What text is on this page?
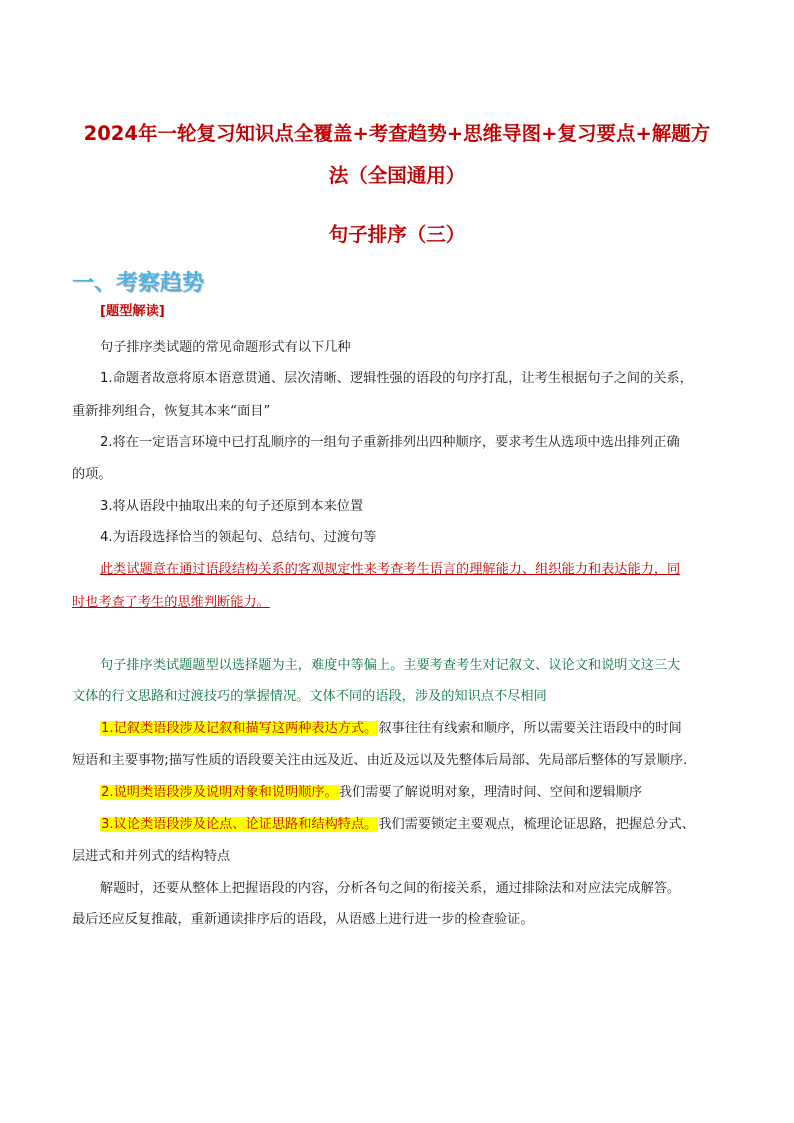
2024年一轮复习知识点全覆盖+考查趋势+思维导图+复习要点+解题方
法（全国通用）
句子排序（三）
一、考察趋势
[题型解读]
句子排序类试题的常见命题形式有以下几种
1.命题者故意将原本语意贯通、层次清晰、逻辑性强的语段的句序打乱，让考生根据句子之间的关系，
重新排列组合，恢复其本来“面目”
2.将在一定语言环境中已打乱顺序的一组句子重新排列出四种顺序，要求考生从选项中选出排列正确
的项。
3.将从语段中抽取出来的句子还原到本来位置
4.为语段选择恰当的领起句、总结句、过渡句等
此类试题意在通过语段结构关系的客观规定性来考查考生语言的理解能力、组织能力和表达能力，同
时也考查了考生的思维判断能力。
句子排序类试题题型以选择题为主，难度中等偏上。主要考查考生对记叙文、议论文和说明文这三大
文体的行文思路和过渡技巧的掌握情况。文体不同的语段，涉及的知识点不尽相同
1.记叙类语段涉及记叙和描写这两种表达方式。叙事往往有线索和顺序，所以需要关注语段中的时间
短语和主要事物;描写性质的语段要关注由远及近、由近及远以及先整体后局部、先局部后整体的写景顺序.
2.说明类语段涉及说明对象和说明顺序。我们需要了解说明对象，理清时间、空间和逻辑顺序
3.议论类语段涉及论点、论证思路和结构特点。我们需要锁定主要观点，梳理论证思路，把握总分式、
层进式和并列式的结构特点
解题时，还要从整体上把握语段的内容，分析各句之间的衔接关系，通过排除法和对应法完成解答。
最后还应反复推敲，重新通读排序后的语段，从语感上进行进一步的检查验证。
